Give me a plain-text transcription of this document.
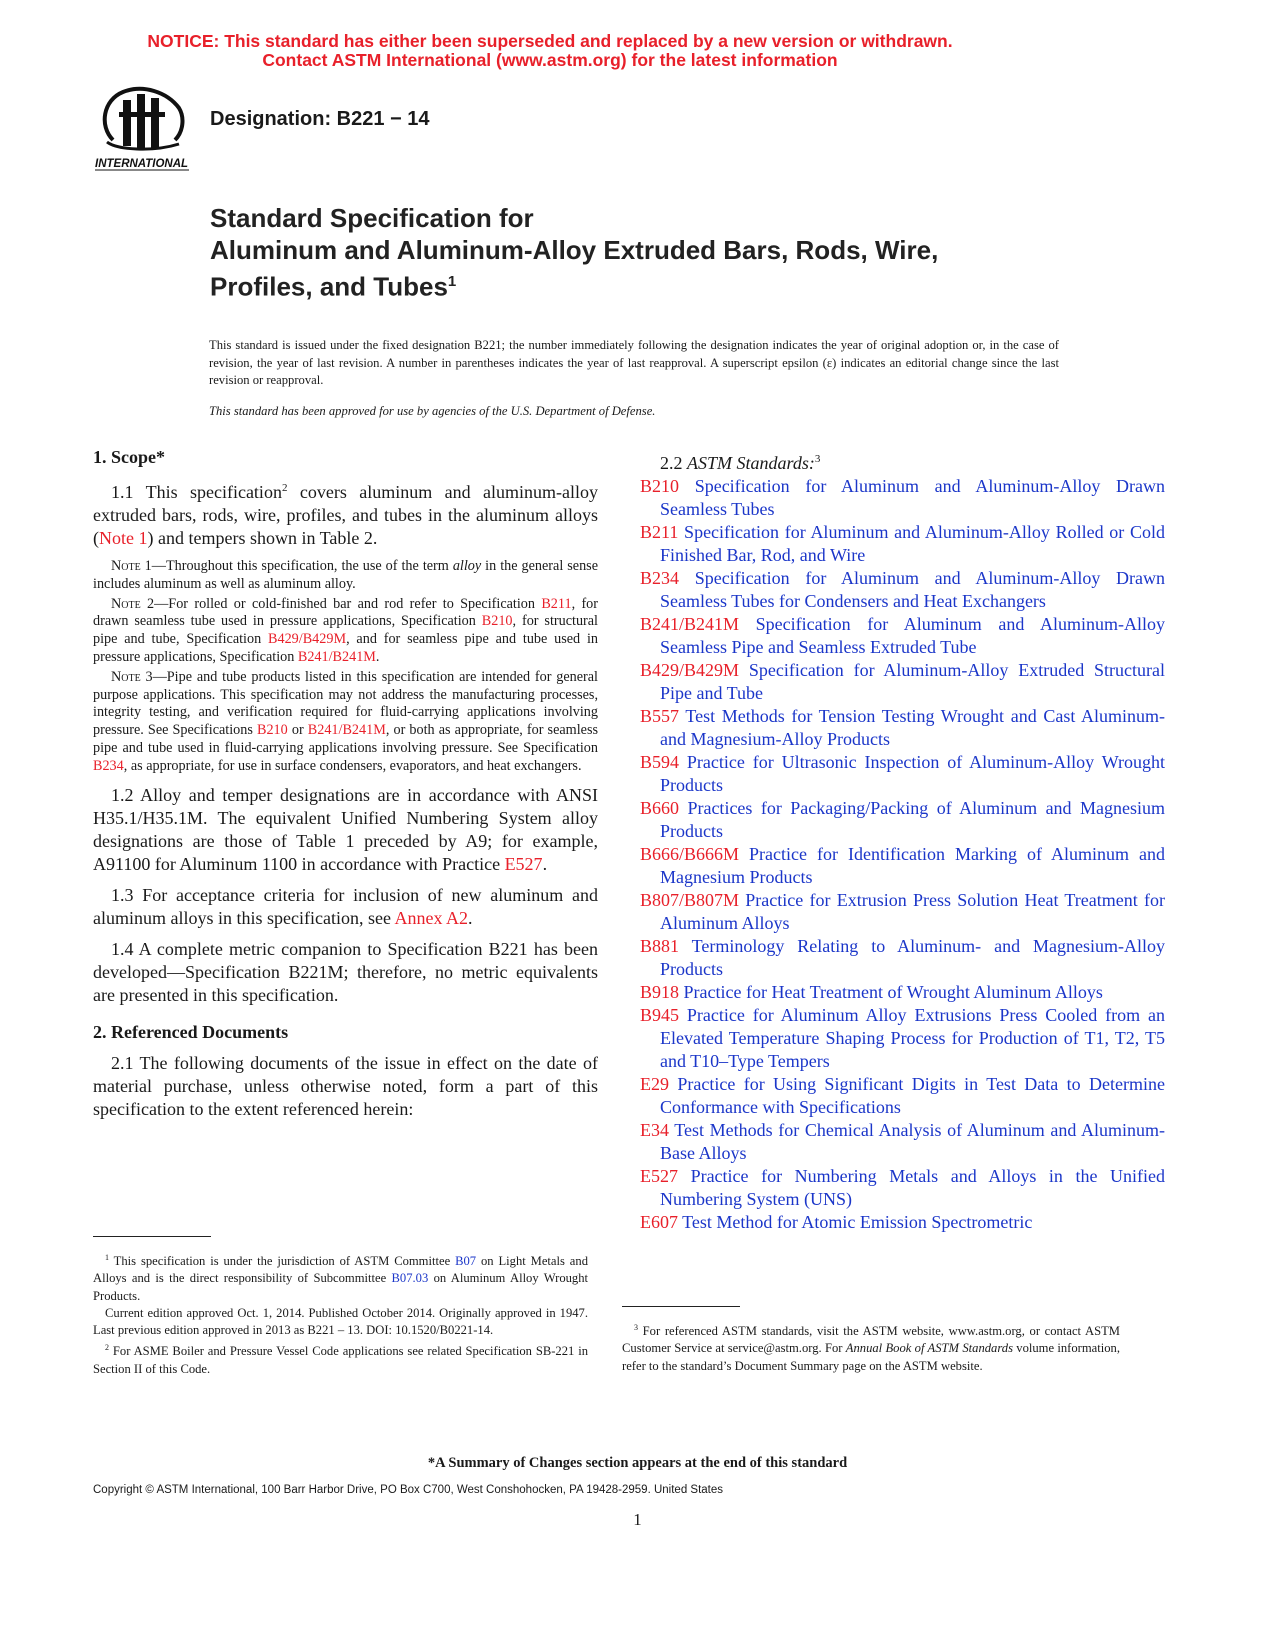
NOTICE: This standard has either been superseded and replaced by a new version or withdrawn.
Contact ASTM International (www.astm.org) for the latest information
INTERNATIONAL
Designation: B221 − 14
Standard Specification for
Aluminum and Aluminum-Alloy Extruded Bars, Rods, Wire,
Profiles, and Tubes$^1$
This standard is issued under the fixed designation B221; the number immediately following the designation indicates the year of original adoption or, in the case of revision, the year of last revision. A number in parentheses indicates the year of last reapproval. A superscript epsilon (ε) indicates an editorial change since the last revision or reapproval.
This standard has been approved for use by agencies of the U.S. Department of Defense.
1. Scope*

1.1 This specification$^2$ covers aluminum and aluminum-alloy extruded bars, rods, wire, profiles, and tubes in the aluminum alloys (Note 1) and tempers shown in Table 2.

Note 1—Throughout this specification, the use of the term alloy in the general sense includes aluminum as well as aluminum alloy.

Note 2—For rolled or cold-finished bar and rod refer to Specification B211, for drawn seamless tube used in pressure applications, Specification B210, for structural pipe and tube, Specification B429/B429M, and for seamless pipe and tube used in pressure applications, Specification B241/B241M.

Note 3—Pipe and tube products listed in this specification are intended for general purpose applications. This specification may not address the manufacturing processes, integrity testing, and verification required for fluid-carrying applications involving pressure. See Specifications B210 or B241/B241M, or both as appropriate, for seamless pipe and tube used in fluid-carrying applications involving pressure. See Specification B234, as appropriate, for use in surface condensers, evaporators, and heat exchangers.

1.2 Alloy and temper designations are in accordance with ANSI H35.1/H35.1M. The equivalent Unified Numbering System alloy designations are those of Table 1 preceded by A9; for example, A91100 for Aluminum 1100 in accordance with Practice E527.

1.3 For acceptance criteria for inclusion of new aluminum and aluminum alloys in this specification, see Annex A2.

1.4 A complete metric companion to Specification B221 has been developed—Specification B221M; therefore, no metric equivalents are presented in this specification.

2. Referenced Documents

2.1 The following documents of the issue in effect on the date of material purchase, unless otherwise noted, form a part of this specification to the extent referenced herein:

$^1$ This specification is under the jurisdiction of ASTM Committee B07 on Light Metals and Alloys and is the direct responsibility of Subcommittee B07.03 on Aluminum Alloy Wrought Products.

Current edition approved Oct. 1, 2014. Published October 2014. Originally approved in 1947. Last previous edition approved in 2013 as B221 – 13. DOI: 10.1520/B0221-14.

$^2$ For ASME Boiler and Pressure Vessel Code applications see related Specification SB-221 in Section II of this Code.

2.2 ASTM Standards:$^3$
B210 Specification for Aluminum and Aluminum-Alloy Drawn Seamless Tubes
B211 Specification for Aluminum and Aluminum-Alloy Rolled or Cold Finished Bar, Rod, and Wire
B234 Specification for Aluminum and Aluminum-Alloy Drawn Seamless Tubes for Condensers and Heat Exchangers
B241/B241M Specification for Aluminum and Aluminum-Alloy Seamless Pipe and Seamless Extruded Tube
B429/B429M Specification for Aluminum-Alloy Extruded Structural Pipe and Tube
B557 Test Methods for Tension Testing Wrought and Cast Aluminum- and Magnesium-Alloy Products
B594 Practice for Ultrasonic Inspection of Aluminum-Alloy Wrought Products
B660 Practices for Packaging/Packing of Aluminum and Magnesium Products
B666/B666M Practice for Identification Marking of Aluminum and Magnesium Products
B807/B807M Practice for Extrusion Press Solution Heat Treatment for Aluminum Alloys
B881 Terminology Relating to Aluminum- and Magnesium-Alloy Products
B918 Practice for Heat Treatment of Wrought Aluminum Alloys
B945 Practice for Aluminum Alloy Extrusions Press Cooled from an Elevated Temperature Shaping Process for Production of T1, T2, T5 and T10–Type Tempers
E29 Practice for Using Significant Digits in Test Data to Determine Conformance with Specifications
E34 Test Methods for Chemical Analysis of Aluminum and Aluminum-Base Alloys
E527 Practice for Numbering Metals and Alloys in the Unified Numbering System (UNS)
E607 Test Method for Atomic Emission Spectrometric

$^3$ For referenced ASTM standards, visit the ASTM website, www.astm.org, or contact ASTM Customer Service at service@astm.org. For Annual Book of ASTM Standards volume information, refer to the standard’s Document Summary page on the ASTM website.

*A Summary of Changes section appears at the end of this standard
Copyright © ASTM International, 100 Barr Harbor Drive, PO Box C700, West Conshohocken, PA 19428-2959. United States
1
